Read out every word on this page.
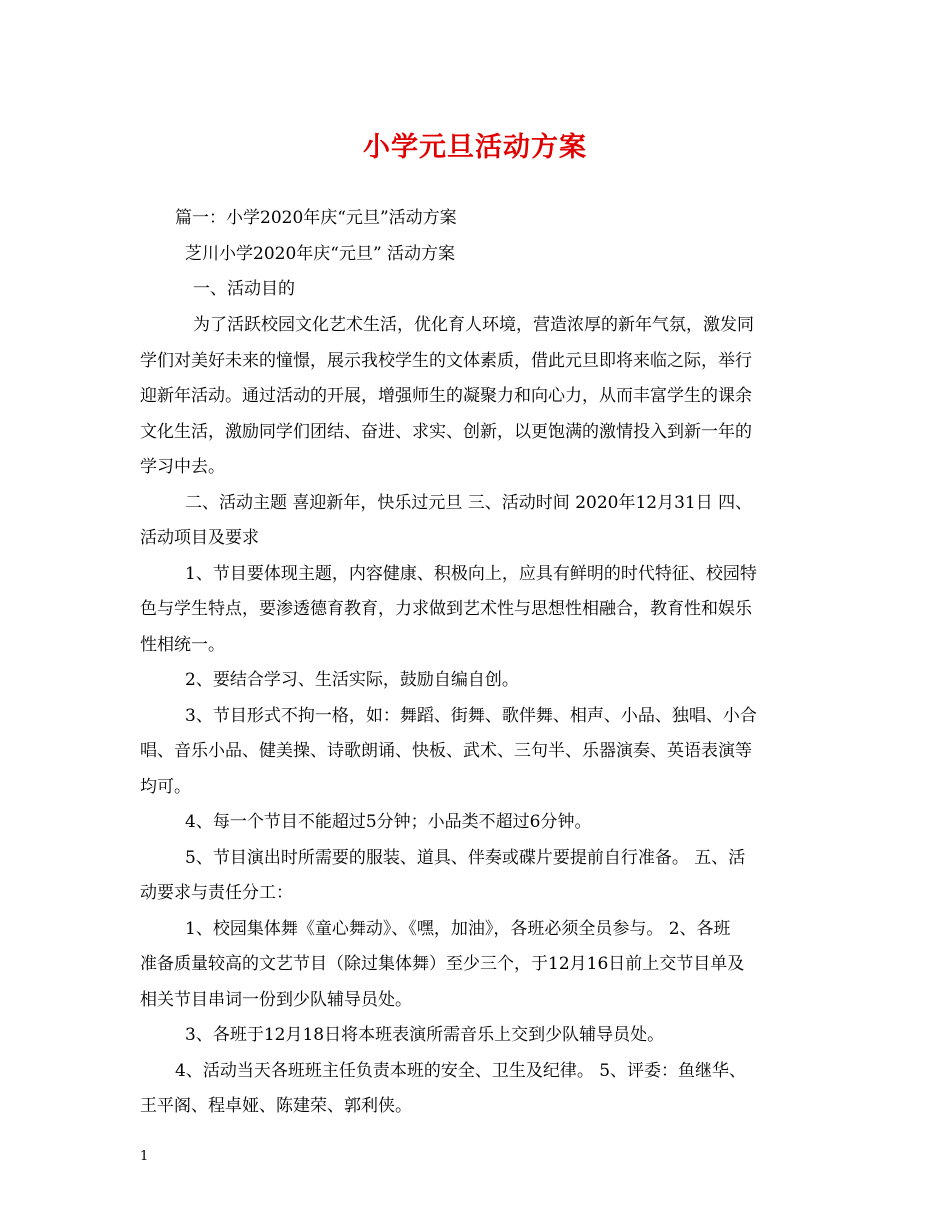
小学元旦活动方案
篇一：小学2020年庆“元旦”活动方案
芝川小学2020年庆“元旦” 活动方案
一、活动目的
为了活跃校园文化艺术生活，优化育人环境，营造浓厚的新年气氛，激发同
学们对美好未来的憧憬，展示我校学生的文体素质，借此元旦即将来临之际，举行
迎新年活动。通过活动的开展，增强师生的凝聚力和向心力，从而丰富学生的课余
文化生活，激励同学们团结、奋进、求实、创新，以更饱满的激情投入到新一年的
学习中去。
二、活动主题 喜迎新年，快乐过元旦 三、活动时间 2020年12月31日 四、
活动项目及要求
1、节目要体现主题，内容健康、积极向上，应具有鲜明的时代特征、校园特
色与学生特点，要渗透德育教育，力求做到艺术性与思想性相融合，教育性和娱乐
性相统一。
2、要结合学习、生活实际，鼓励自编自创。
3、节目形式不拘一格，如：舞蹈、街舞、歌伴舞、相声、小品、独唱、小合
唱、音乐小品、健美操、诗歌朗诵、快板、武术、三句半、乐器演奏、英语表演等
均可。
4、每一个节目不能超过5分钟；小品类不超过6分钟。
5、节目演出时所需要的服装、道具、伴奏或碟片要提前自行准备。 五、活
动要求与责任分工：
1、校园集体舞《童心舞动》、《嘿，加油》，各班必须全员参与。 2、各班
准备质量较高的文艺节目（除过集体舞）至少三个，于12月16日前上交节目单及
相关节目串词一份到少队辅导员处。
3、各班于12月18日将本班表演所需音乐上交到少队辅导员处。
4、活动当天各班班主任负责本班的安全、卫生及纪律。 5、评委：鱼继华、
王平阁、程卓娅、陈建荣、郭利侠。
1
